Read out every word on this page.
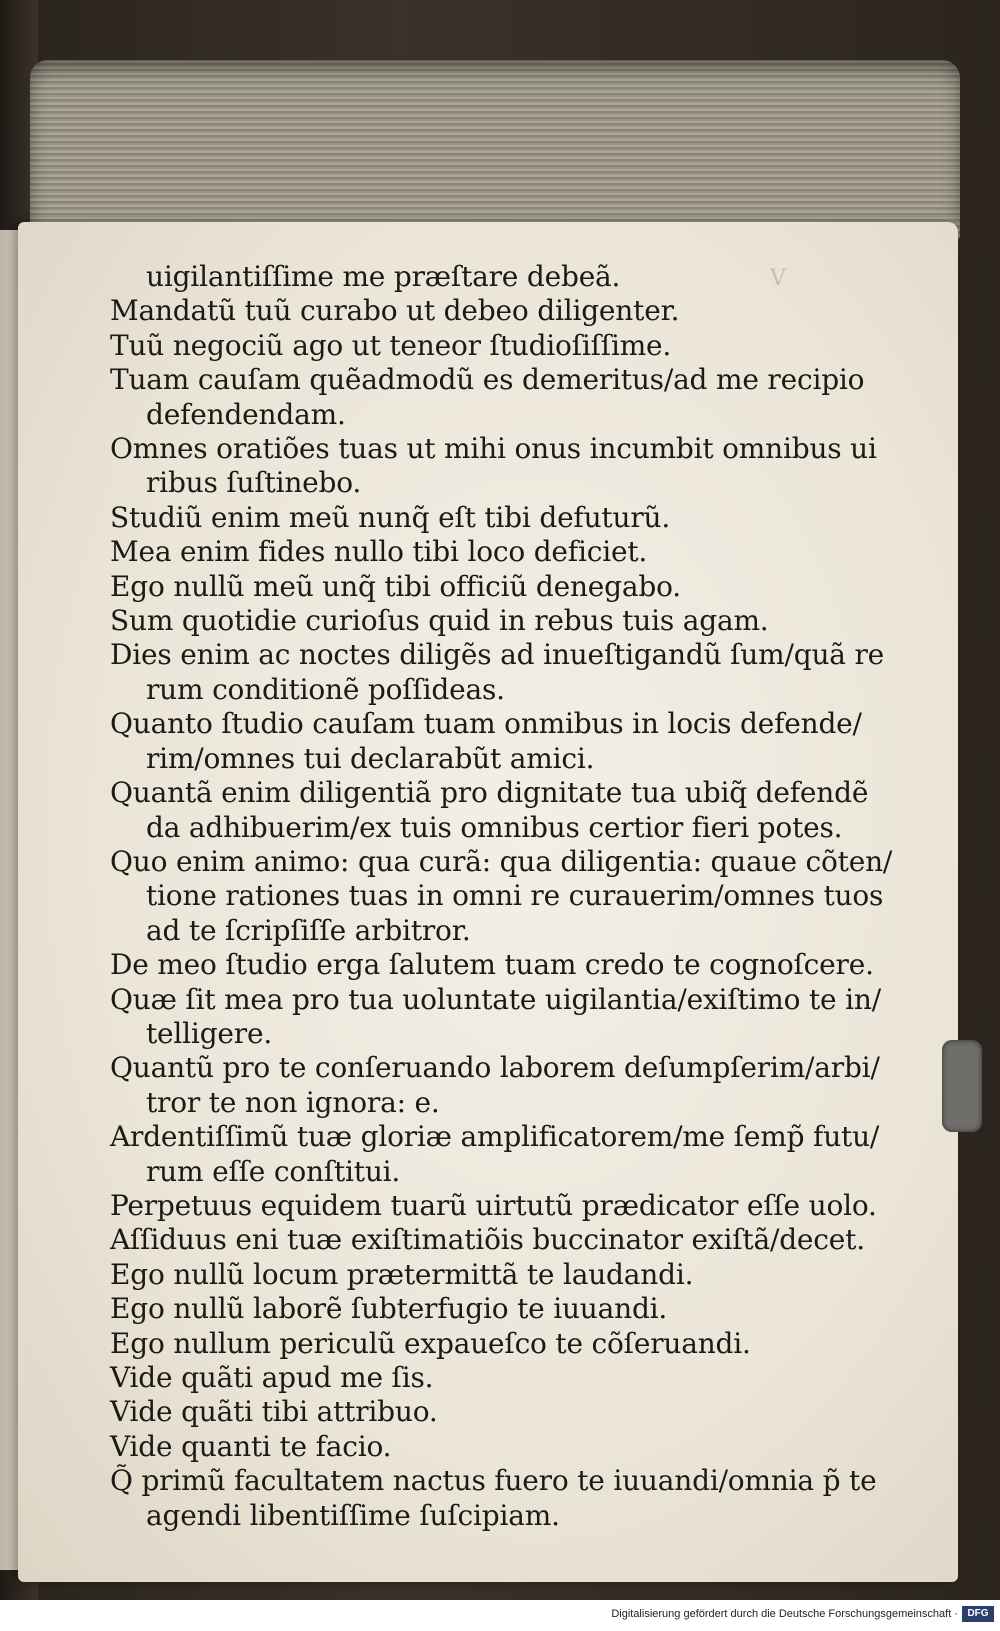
V

uigilantiſſime me præſtare debeã.
Mandatũ tuũ curabo ut debeo diligenter.
Tuũ negociũ ago ut teneor ſtudioſiſſime.
Tuam cauſam quẽadmodũ es demeritus/ad me recipio
defendendam.
Omnes oratiões tuas ut mihi onus incumbit omnibus ui
ribus ſuſtinebo.
Studiũ enim meũ nunq̃ eſt tibi defuturũ.
Mea enim fides nullo tibi loco deficiet.
Ego nullũ meũ unq̃ tibi officiũ denegabo.
Sum quotidie curioſus quid in rebus tuis agam.
Dies enim ac noctes diligẽs ad inueſtigandũ ſum/quã re
rum conditionẽ poſſideas.
Quanto ſtudio cauſam tuam onmibus in locis defende/
rim/omnes tui declarabũt amici.
Quantã enim diligentiã pro dignitate tua ubiq̃ defendẽ
da adhibuerim/ex tuis omnibus certior fieri potes.
Quo enim animo: qua curã: qua diligentia: quaue cõten/
tione rationes tuas in omni re curauerim/omnes tuos
ad te ſcripſiſſe arbitror.
De meo ſtudio erga ſalutem tuam credo te cognoſcere.
Quæ ſit mea pro tua uoluntate uigilantia/exiſtimo te in/
telligere.
Quantũ pro te conſeruando laborem deſumpſerim/arbi/
tror te non ignora: e.
Ardentiſſimũ tuæ gloriæ amplificatorem/me ſemp̃ futu/
rum eſſe conſtitui.
Perpetuus equidem tuarũ uirtutũ prædicator eſſe uolo.
Aſſiduus eni tuæ exiſtimatiõis buccinator exiſtã/decet.
Ego nullũ locum prætermittã te laudandi.
Ego nullũ laborẽ ſubterfugio te iuuandi.
Ego nullum periculũ expaueſco te cõſeruandi.
Vide quãti apud me ſis.
Vide quãti tibi attribuo.
Vide quanti te facio.
Q̃ primũ facultatem nactus fuero te iuuandi/omnia p̃ te
agendi libentiſſime ſuſcipiam.
Digitalisierung gefördert durch die Deutsche Forschungsgemeinschaft · DFG
